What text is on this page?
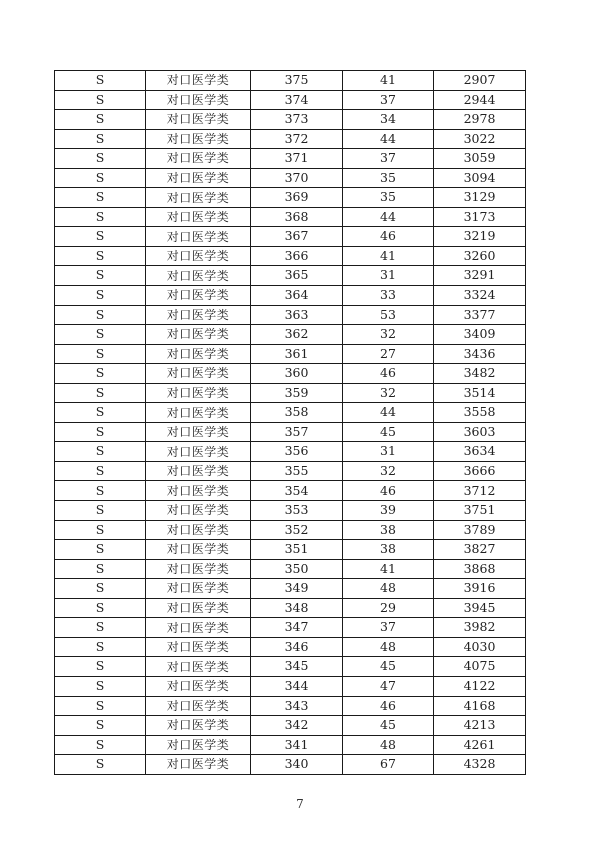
S	对口医学类	375	41	2907
S	对口医学类	374	37	2944
S	对口医学类	373	34	2978
S	对口医学类	372	44	3022
S	对口医学类	371	37	3059
S	对口医学类	370	35	3094
S	对口医学类	369	35	3129
S	对口医学类	368	44	3173
S	对口医学类	367	46	3219
S	对口医学类	366	41	3260
S	对口医学类	365	31	3291
S	对口医学类	364	33	3324
S	对口医学类	363	53	3377
S	对口医学类	362	32	3409
S	对口医学类	361	27	3436
S	对口医学类	360	46	3482
S	对口医学类	359	32	3514
S	对口医学类	358	44	3558
S	对口医学类	357	45	3603
S	对口医学类	356	31	3634
S	对口医学类	355	32	3666
S	对口医学类	354	46	3712
S	对口医学类	353	39	3751
S	对口医学类	352	38	3789
S	对口医学类	351	38	3827
S	对口医学类	350	41	3868
S	对口医学类	349	48	3916
S	对口医学类	348	29	3945
S	对口医学类	347	37	3982
S	对口医学类	346	48	4030
S	对口医学类	345	45	4075
S	对口医学类	344	47	4122
S	对口医学类	343	46	4168
S	对口医学类	342	45	4213
S	对口医学类	341	48	4261
S	对口医学类	340	67	4328
7
